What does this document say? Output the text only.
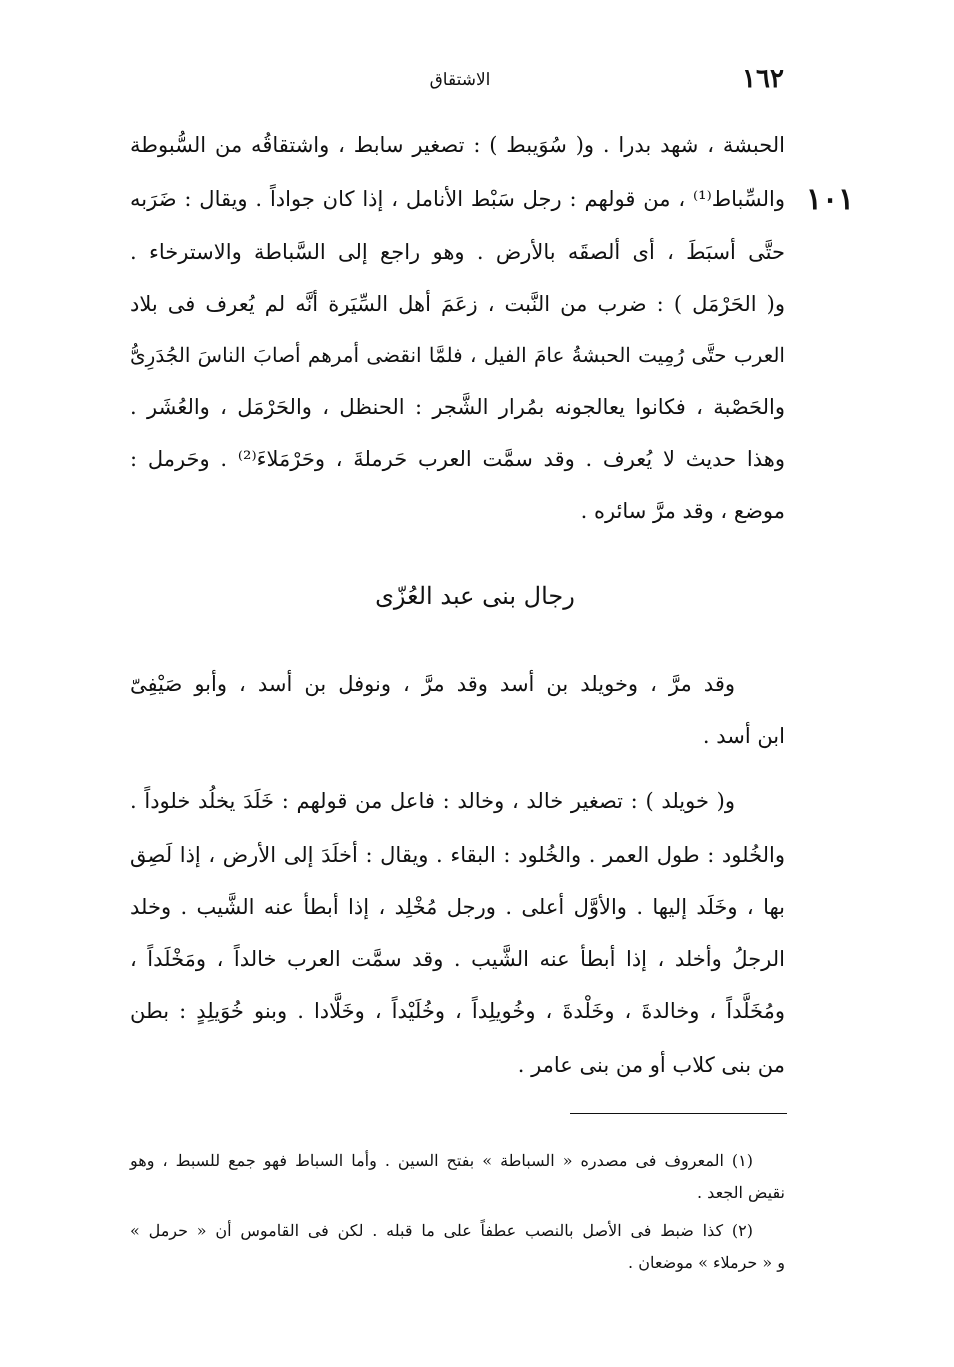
الاشتقاق	١٦٢
١٠١
الحبشة ، شهد بدرا . و( سُوَيبط ) : تصغير سابط ، واشتقاقُه من السُّبوطة
والسِّباط⁽¹⁾ ، من قولهم : رجل سَبْط الأنامل ، إذا كان جواداً . ويقال : ضَرَبه
حتَّى أسبَطَ ، أى ألصقَه بالأرض . وهو راجع إلى السَّباطة والاسترخاء .
و( الحَرْمَل ) : ضرب من النَّبت ، زعَمَ أهل السِّيَرة أنَّه لم يُعرف فى بلاد
العرب حتَّى رُمِيت الحبشةُ عامَ الفيل ، فلمَّا انقضى أمرهم أصابَ الناسَ الجُدَرِىُّ
والحَصْبة ، فكانوا يعالجونه بمُرار الشَّجر : الحنظل ، والحَرْمَل ، والعُشَر .
وهذا حديث لا يُعرف . وقد سمَّت العرب حَرملةَ ، وحَرْمَلاءَ⁽²⁾ . وحَرمل :
موضع ، وقد مرَّ سائره .
رجال بنى عبد العُزّى
وقد مرَّ ، وخويلد بن أسد وقد مرَّ ، ونوفل بن أسد ، وأبو صَيْفِىّ
ابن أسد .
و( خويلد ) : تصغير خالد ، وخالد : فاعل من قولهم : خَلَدَ يخلُد خلوداً .
والخُلود : طول العمر . والخُلود : البقاء . ويقال : أخلَدَ إلى الأرض ، إذا لَصِق
بها ، وخَلَد إليها . والأوَّل أعلى . ورجل مُخْلِد ، إذا أبطأ عنه الشَّيب . وخلد
الرجلُ وأخلد ، إذا أبطأ عنه الشَّيب . وقد سمَّت العرب خالداً ، ومَخْلَداً ،
ومُخَلَّداً ، وخالدةَ ، وخَلْدةَ ، وخُويلِداً ، وخُلَيْداً ، وخَلَّادا . وبنو خُوَيلِدٍ : بطن
من بنى كلاب أو من بنى عامر .
(١) المعروف فى مصدره « السباطة » بفتح السين . وأما السباط فهو جمع للسبط ، وهو
نقيض الجعد .
(٢) كذا ضبط فى الأصل بالنصب عطفاً على ما قبله . لكن فى القاموس أن « حرمل »
و « حرملاء » موضعان .
